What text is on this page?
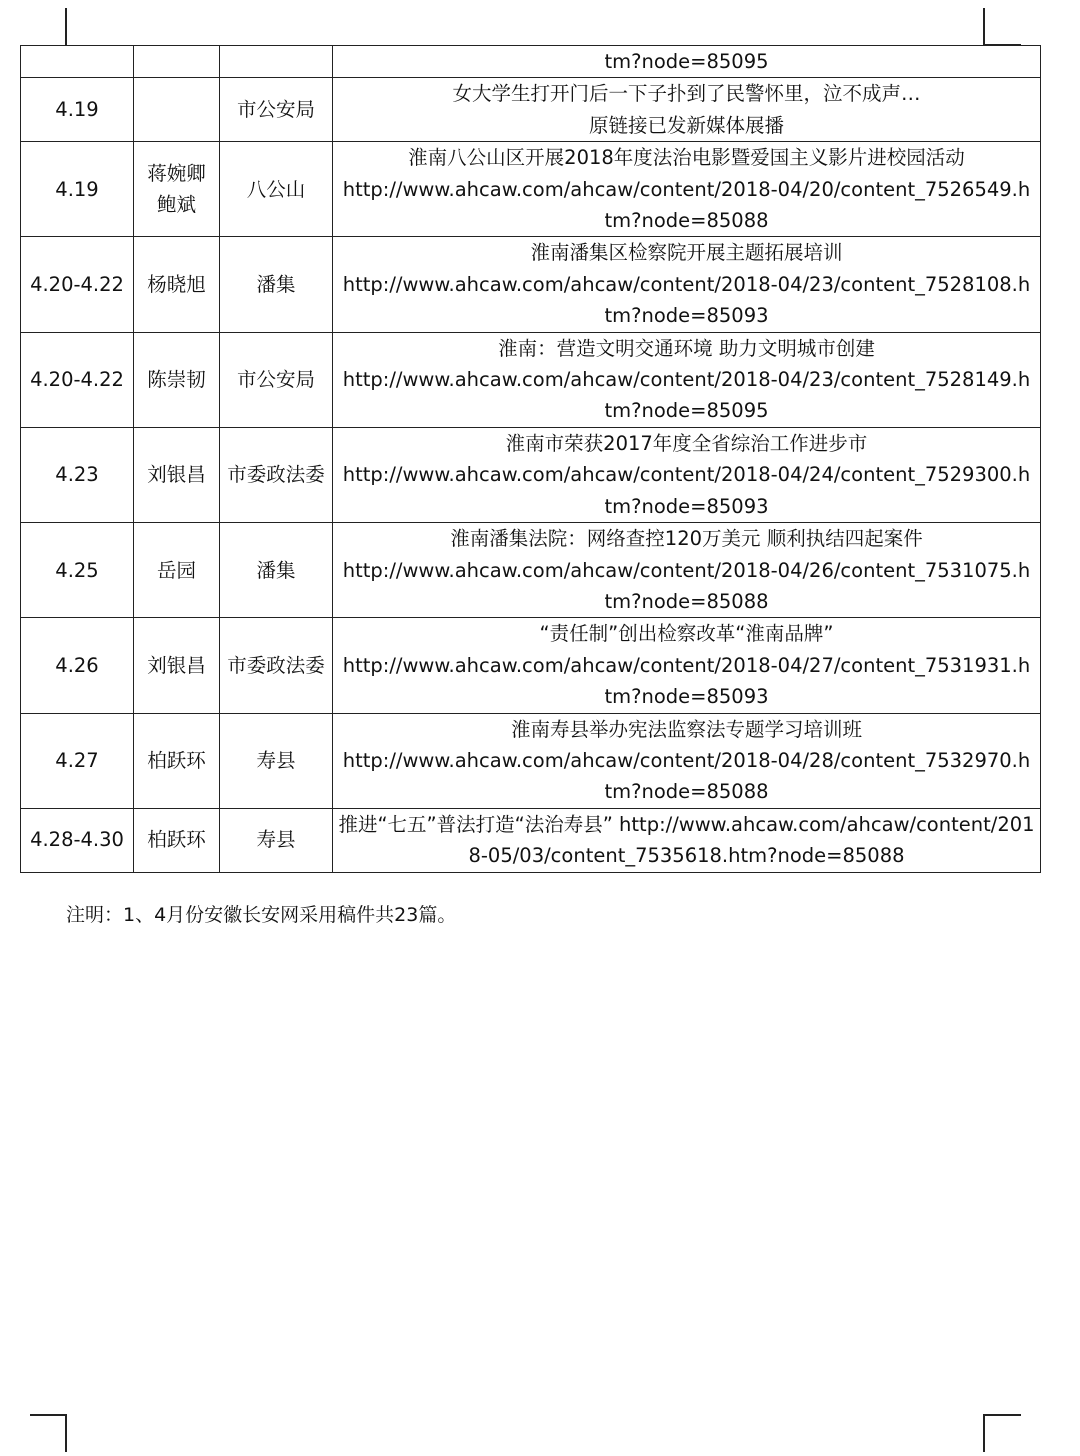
			tm?node=85095

4.19		市公安局	女大学生打开门后一下子扑到了民警怀里，泣不成声…
原链接已发新媒体展播

4.19	蒋婉卿 鲍斌	八公山	淮南八公山区开展2018年度法治电影暨爱国主义影片进校园活动
http://www.ahcaw.com/ahcaw/content/2018-04/20/content_7526549.h
tm?node=85088

4.20-4.22	杨晓旭	潘集	淮南潘集区检察院开展主题拓展培训
http://www.ahcaw.com/ahcaw/content/2018-04/23/content_7528108.h
tm?node=85093

4.20-4.22	陈崇韧	市公安局	淮南：营造文明交通环境 助力文明城市创建
http://www.ahcaw.com/ahcaw/content/2018-04/23/content_7528149.h
tm?node=85095

4.23	刘银昌	市委政法委	淮南市荣获2017年度全省综治工作进步市
http://www.ahcaw.com/ahcaw/content/2018-04/24/content_7529300.h
tm?node=85093

4.25	岳园	潘集	淮南潘集法院：网络查控120万美元 顺利执结四起案件
http://www.ahcaw.com/ahcaw/content/2018-04/26/content_7531075.h
tm?node=85088

4.26	刘银昌	市委政法委	“责任制”创出检察改革“淮南品牌”
http://www.ahcaw.com/ahcaw/content/2018-04/27/content_7531931.h
tm?node=85093

4.27	柏跃环	寿县	淮南寿县举办宪法监察法专题学习培训班
http://www.ahcaw.com/ahcaw/content/2018-04/28/content_7532970.h
tm?node=85088

4.28-4.30	柏跃环	寿县	推进“七五”普法打造“法治寿县” http://www.ahcaw.com/ahcaw/content/201
8-05/03/content_7535618.htm?node=85088
注明：1、4月份安徽长安网采用稿件共23篇。
